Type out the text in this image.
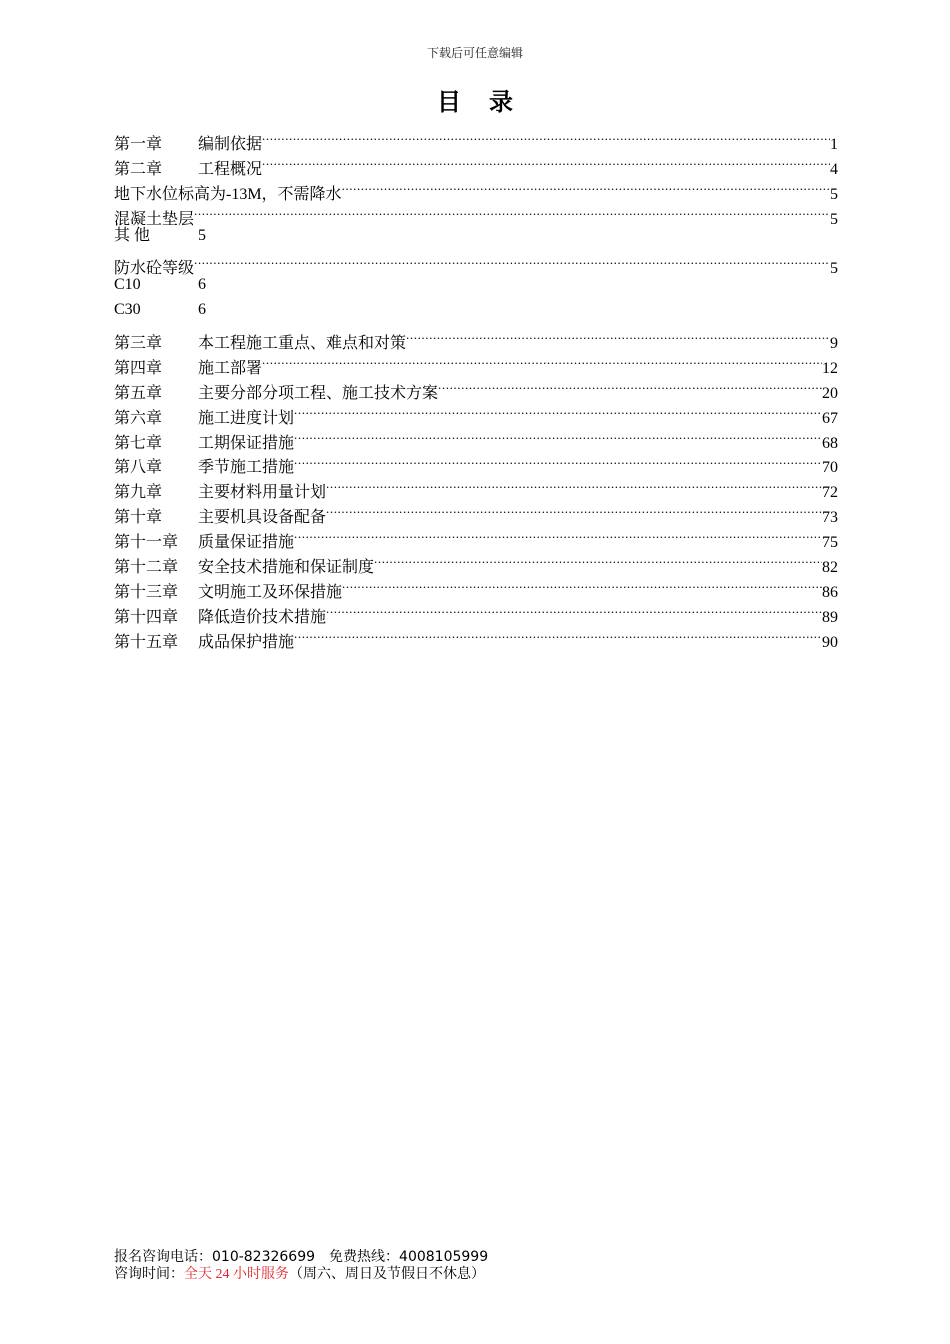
下载后可任意编辑
目录
第一章	编制依据 .....	1
第二章	工程概况 .....	4
地下水位标高为-13M，不需降水 .....	5
混凝土垫层 .....	5
其 他	5
防水砼等级 .....	5
C10	6
C30	6
第三章	本工程施工重点、难点和对策 .....	9
第四章	施工部署 .....	12
第五章	主要分部分项工程、施工技术方案 .....	20
第六章	施工进度计划 .....	67
第七章	工期保证措施 .....	68
第八章	季节施工措施 .....	70
第九章	主要材料用量计划 .....	72
第十章	主要机具设备配备 .....	73
第十一章	质量保证措施 .....	75
第十二章	安全技术措施和保证制度 .....	82
第十三章	文明施工及环保措施 .....	86
第十四章	降低造价技术措施 .....	89
第十五章	成品保护措施 .....	90
报名咨询电话：010-82326699 免费热线：4008105999
咨询时间：全天 24 小时服务（周六、周日及节假日不休息）
